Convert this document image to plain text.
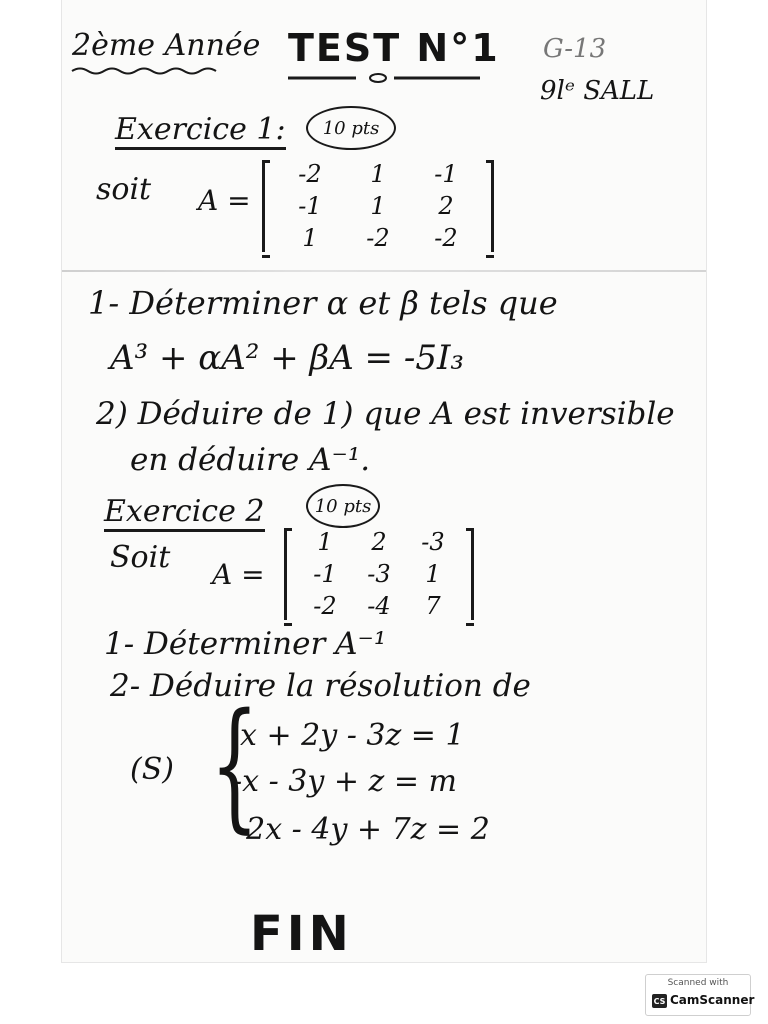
2ème Année TEST N°1 G-13
9lᵉ SALL
Exercice 1:	10 pts
soit A =
-2	1	-1
-1	1	2
1	-2	-2
1- Déterminer α et β tels que
A³ + αA² + βA = -5I₃
2) Déduire de 1) que A est inversible
en déduire A⁻¹.
Exercice 2	10 pts
Soit A =
1	2	-3
-1	-3	1
-2	-4	7
1- Déterminer A⁻¹
2- Déduire la résolution de
(S) {
x + 2y - 3z = 1
-x - 3y + z = m
-2x - 4y + 7z = 2
FIN
Scanned with
CS CamScanner
